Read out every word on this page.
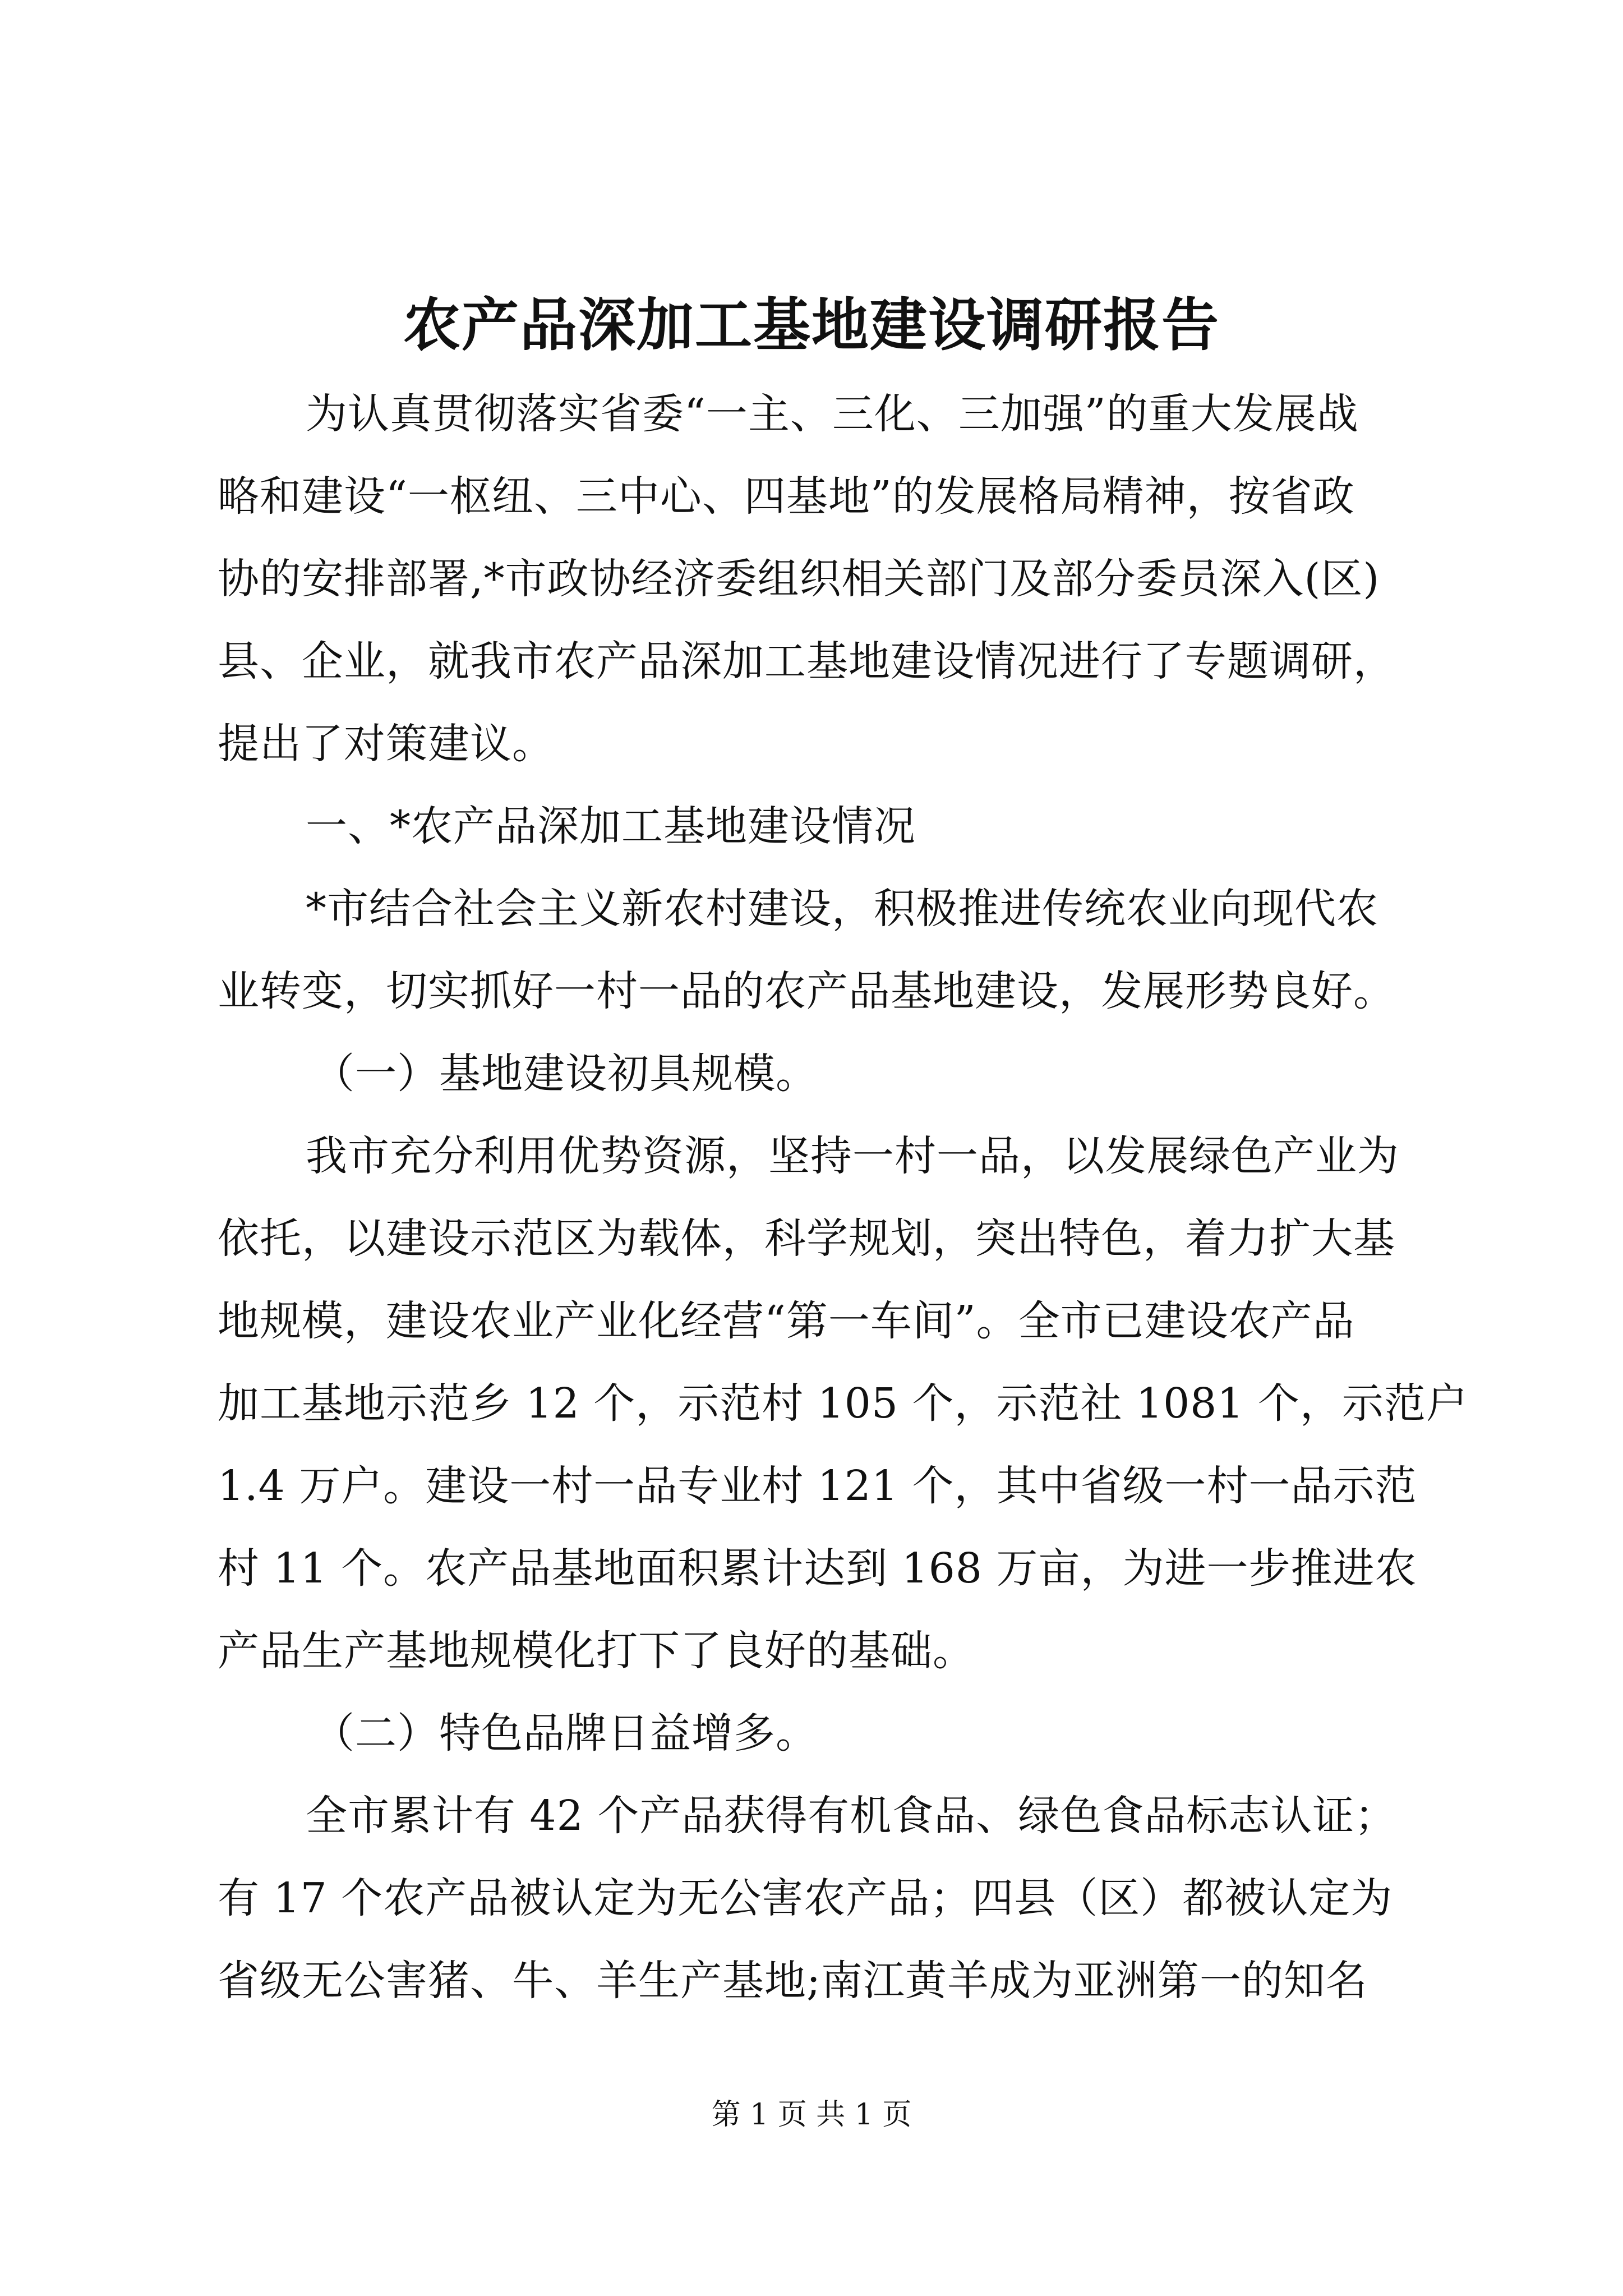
农产品深加工基地建设调研报告
为认真贯彻落实省委“一主、三化、三加强”的重大发展战
略和建设“一枢纽、三中心、四基地”的发展格局精神，按省政
协的安排部署,*市政协经济委组织相关部门及部分委员深入(区)
县、企业，就我市农产品深加工基地建设情况进行了专题调研，
提出了对策建议。
一、*农产品深加工基地建设情况
*市结合社会主义新农村建设，积极推进传统农业向现代农
业转变，切实抓好一村一品的农产品基地建设，发展形势良好。
（一）基地建设初具规模。
我市充分利用优势资源，坚持一村一品，以发展绿色产业为
依托，以建设示范区为载体，科学规划，突出特色，着力扩大基
地规模，建设农业产业化经营“第一车间”。全市已建设农产品
加工基地示范乡 12 个，示范村 105 个，示范社 1081 个，示范户
1.4 万户。建设一村一品专业村 121 个，其中省级一村一品示范
村 11 个。农产品基地面积累计达到 168 万亩，为进一步推进农
产品生产基地规模化打下了良好的基础。
（二）特色品牌日益增多。
全市累计有 42 个产品获得有机食品、绿色食品标志认证；
有 17 个农产品被认定为无公害农产品；四县（区）都被认定为
省级无公害猪、牛、羊生产基地;南江黄羊成为亚洲第一的知名
第 1 页 共 1 页
